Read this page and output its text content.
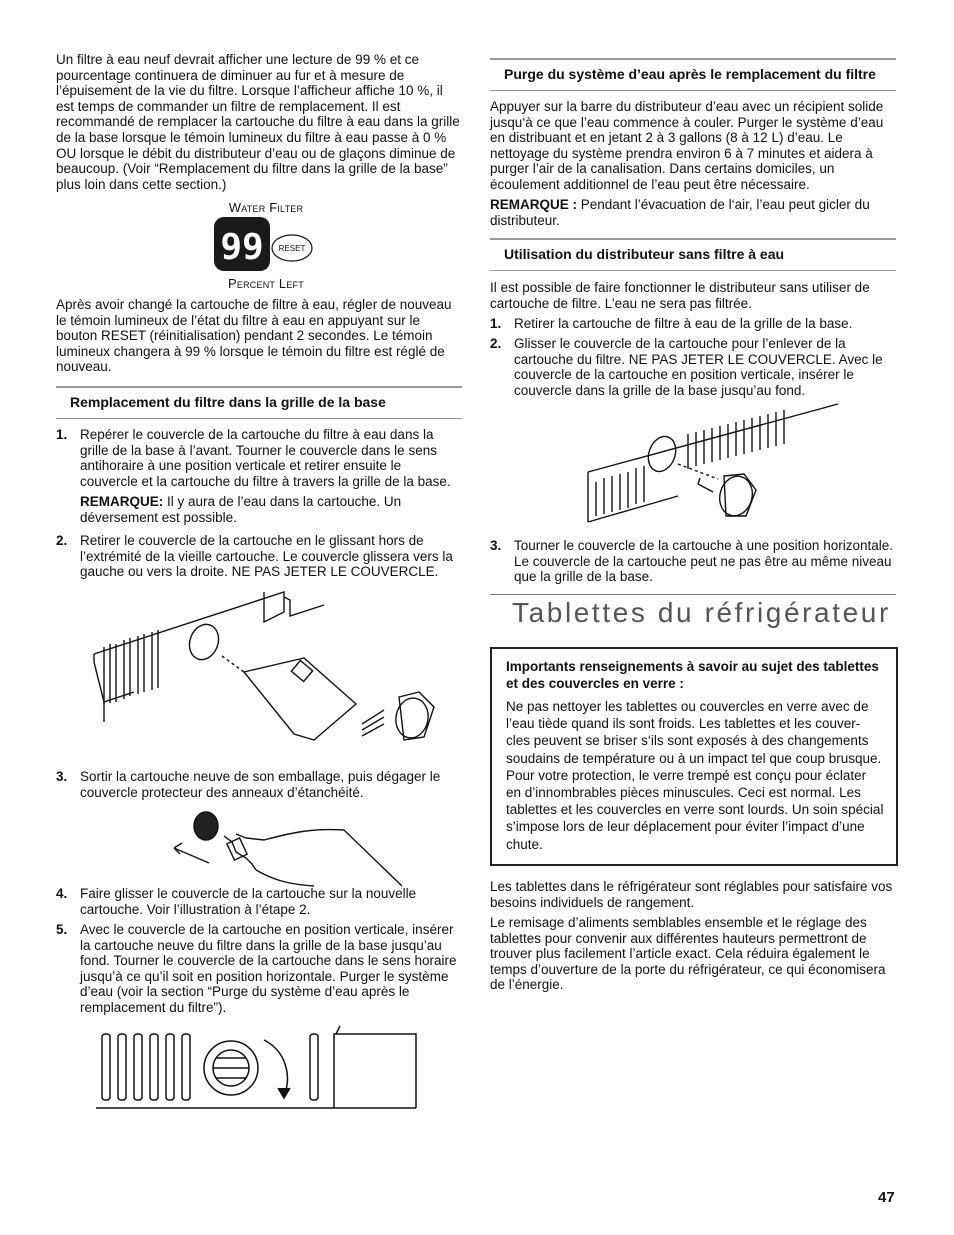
Un filtre à eau neuf devrait afficher une lecture de 99 % et ce pourcentage continuera de diminuer au fur et à mesure de l’épuisement de la vie du filtre. Lorsque l’afficheur affiche 10 %, il est temps de commander un filtre de remplacement. Il est recommandé de remplacer la cartouche du filtre à eau dans la grille de la base lorsque le témoin lumineux du filtre à eau passe à 0 % OU lorsque le débit du distributeur d’eau ou de glaçons diminue de beaucoup. (Voir “Remplacement du filtre dans la grille de la base” plus loin dans cette section.)

Water Filter
99 RESET
Percent Left

Après avoir changé la cartouche de filtre à eau, régler de nouveau le témoin lumineux de l’état du filtre à eau en appuyant sur le bouton RESET (réinitialisation) pendant 2 secondes. Le témoin lumineux changera à 99 % lorsque le témoin du filtre est réglé de nouveau.

Remplacement du filtre dans la grille de la base
1. Repérer le couvercle de la cartouche du filtre à eau dans la grille de la base à l’avant. Tourner le couvercle dans le sens antihoraire à une position verticale et retirer ensuite le couvercle et la cartouche du filtre à travers la grille de la base.
REMARQUE: Il y aura de l’eau dans la cartouche. Un déversement est possible.
2. Retirer le couvercle de la cartouche en le glissant hors de l’extrémité de la vieille cartouche. Le couvercle glissera vers la gauche ou vers la droite. NE PAS JETER LE COUVERCLE.
3. Sortir la cartouche neuve de son emballage, puis dégager le couvercle protecteur des anneaux d’étanchéité.
4. Faire glisser le couvercle de la cartouche sur la nouvelle cartouche. Voir l’illustration à l’étape 2.
5. Avec le couvercle de la cartouche en position verticale, insérer la cartouche neuve du filtre dans la grille de la base jusqu’au fond. Tourner le couvercle de la cartouche dans le sens horaire jusqu’à ce qu’il soit en position horizontale. Purger le système d’eau (voir la section “Purge du système d’eau après le remplacement du filtre”).
Purge du système d’eau après le remplacement du filtre

Appuyer sur la barre du distributeur d’eau avec un récipient solide jusqu‘à ce que l’eau commence à couler. Purger le système d’eau en distribuant et en jetant 2 à 3 gallons (8 à 12 L) d’eau. Le nettoyage du système prendra environ 6 à 7 minutes et aidera à purger l’air de la canalisation. Dans certains domiciles, un écoulement additionnel de l’eau peut être nécessaire.

REMARQUE : Pendant l’évacuation de l‘air, l’eau peut gicler du distributeur.

Utilisation du distributeur sans filtre à eau

Il est possible de faire fonctionner le distributeur sans utiliser de cartouche de filtre. L’eau ne sera pas filtrée.

1. Retirer la cartouche de filtre à eau de la grille de la base.
2. Glisser le couvercle de la cartouche pour l’enlever de la cartouche du filtre. NE PAS JETER LE COUVERCLE. Avec le couvercle de la cartouche en position verticale, insérer le couvercle dans la grille de la base jusqu’au fond.
3. Tourner le couvercle de la cartouche à une position horizontale. Le couvercle de la cartouche peut ne pas être au même niveau que la grille de la base.
Tablettes du réfrigérateur
Importants renseignements à savoir au sujet des tablettes et des couvercles en verre :
Ne pas nettoyer les tablettes ou couvercles en verre avec de l’eau tiède quand ils sont froids. Les tablettes et les couver-cles peuvent se briser s‘ils sont exposés à des changements soudains de température ou à un impact tel que coup brusque. Pour votre protection, le verre trempé est conçu pour éclater en d’innombrables pièces minuscules. Ceci est normal. Les tablettes et les couvercles en verre sont lourds. Un soin spécial s’impose lors de leur déplacement pour éviter l’impact d’une chute.

Les tablettes dans le réfrigérateur sont réglables pour satisfaire vos besoins individuels de rangement.

Le remisage d’aliments semblables ensemble et le réglage des tablettes pour convenir aux différentes hauteurs permettront de trouver plus facilement l’article exact. Cela réduira également le temps d’ouverture de la porte du réfrigérateur, ce qui économisera de l’énergie.

47
